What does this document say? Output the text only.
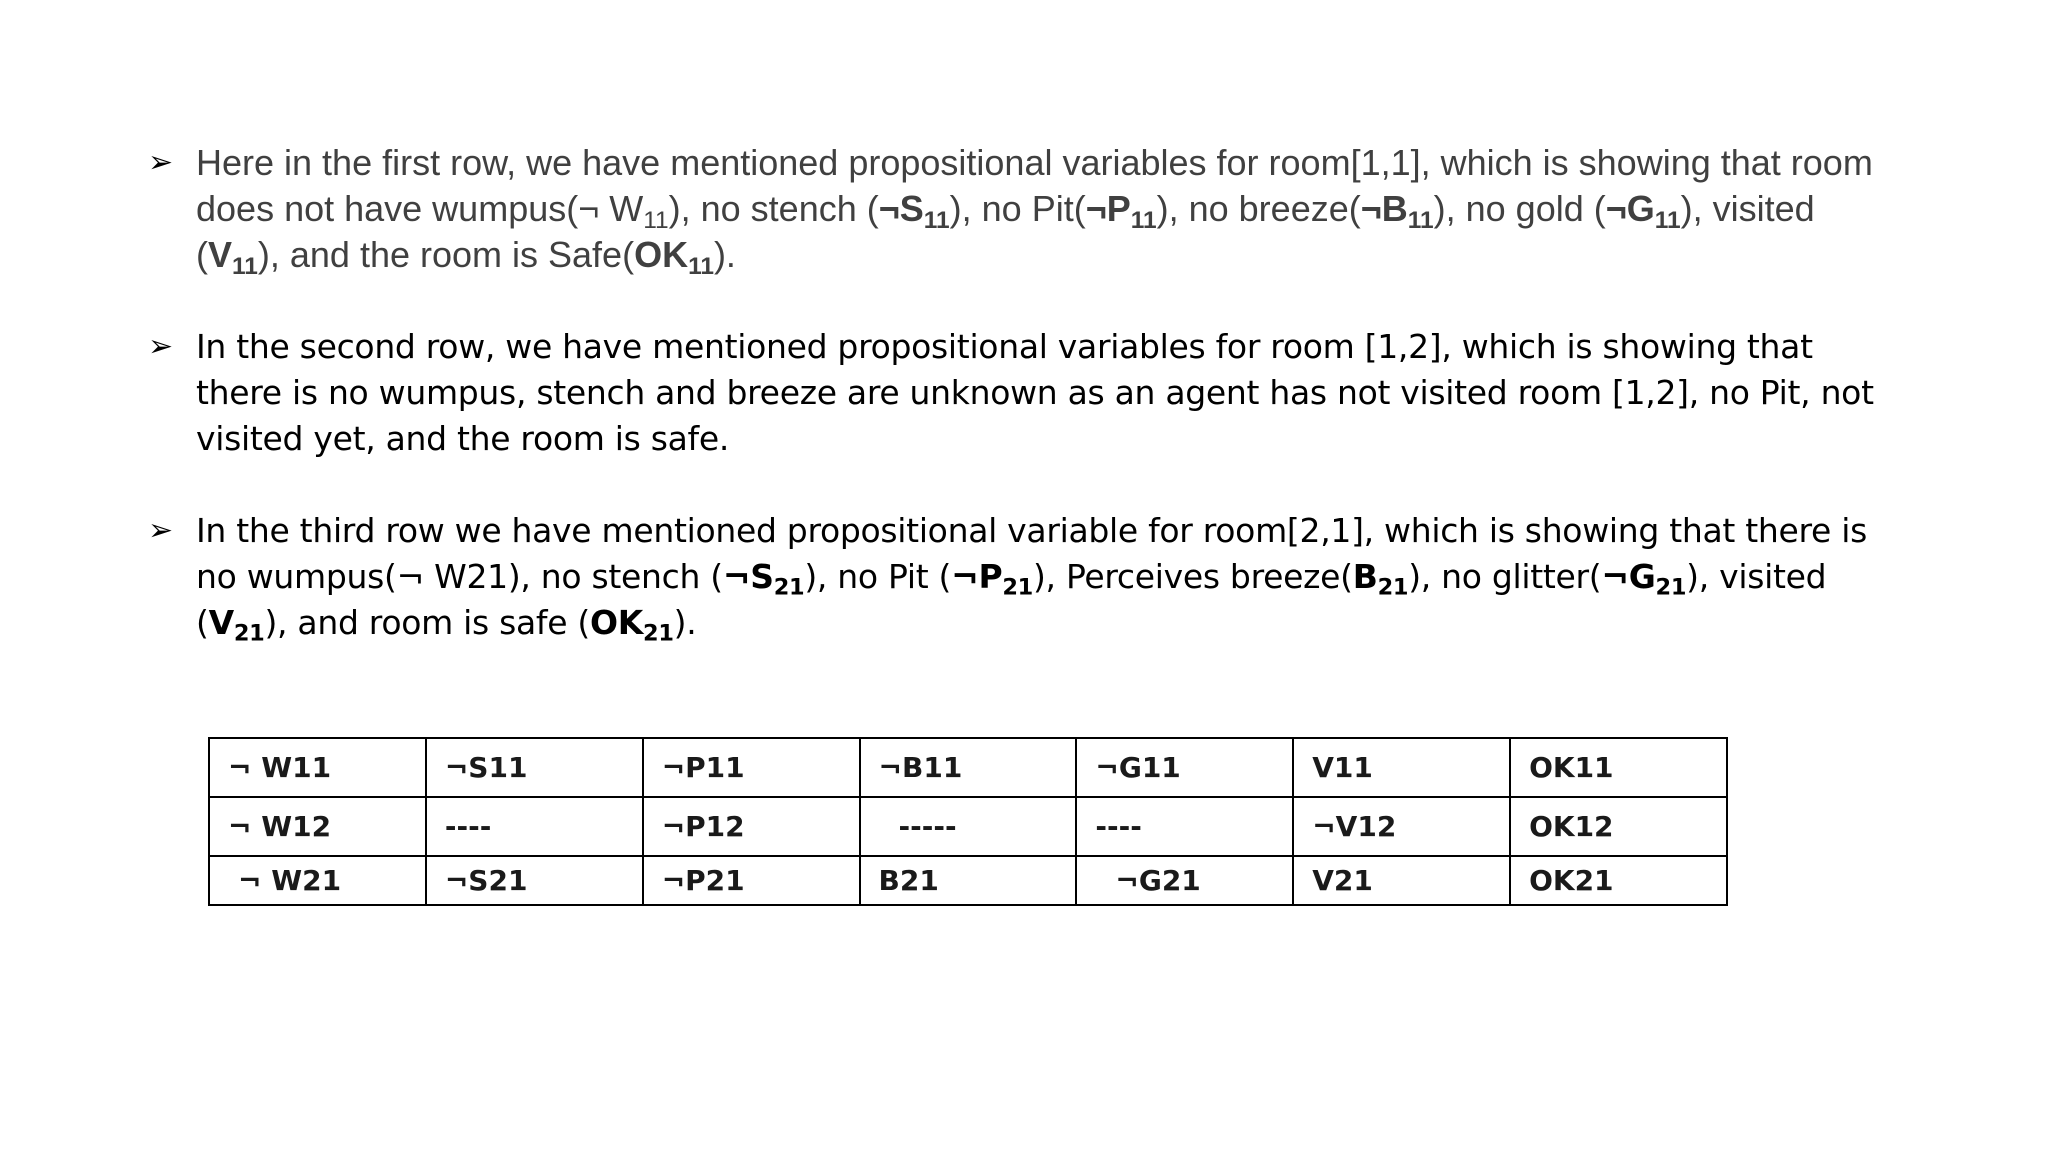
➢ Here in the first row, we have mentioned propositional variables for room[1,1], which is showing that room does not have wumpus(¬ $W_{11}$), no stench $(\neg S_{11})$, no $Pit(\neg P_{11})$, no $breeze(\neg B_{11})$, no gold $(\neg G_{11})$, visited $(V_{11})$, and the room is $Safe(OK_{11})$.
➢ In the second row, we have mentioned propositional variables for room [1,2], which is showing that there is no wumpus, stench and breeze are unknown as an agent has not visited room [1,2], no Pit, not visited yet, and the room is safe.
➢ In the third row we have mentioned propositional variable for room[2,1], which is showing that there is no wumpus(¬ W21), no stench $(\neg S_{21})$, no Pit $(\neg P_{21})$, Perceives $breeze(B_{21})$, no $glitter(\neg G_{21})$, visited $(V_{21})$, and room is safe $(OK_{21})$.
¬ W11	¬S11	¬P11	¬B11	¬G11	V11	OK11
¬ W12	----	¬P12	-----	----	¬V12	OK12
¬ W21	¬S21	¬P21	B21	¬G21	V21	OK21
